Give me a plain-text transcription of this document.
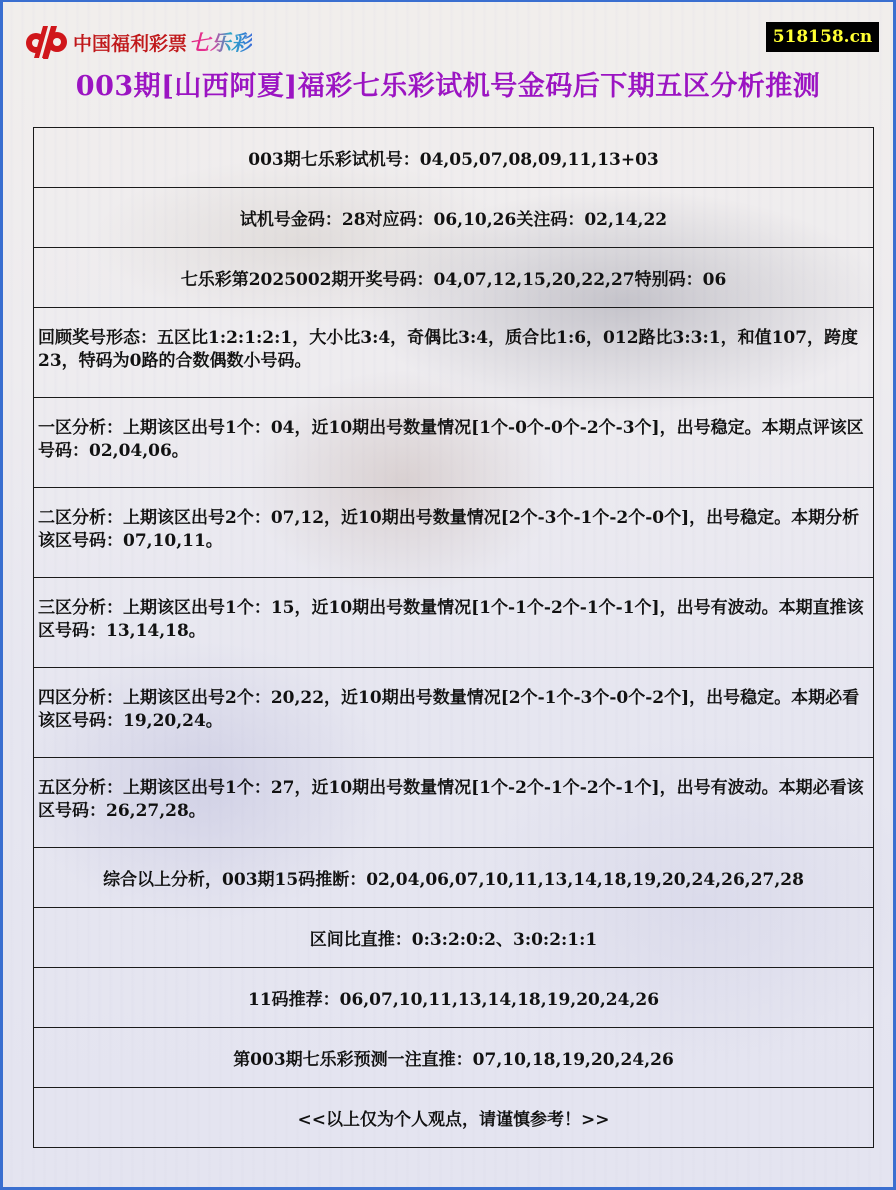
中国福利彩票 七乐彩	518158.cn
003期[山西阿夏]福彩七乐彩试机号金码后下期五区分析推测
003期七乐彩试机号：04,05,07,08,09,11,13+03
试机号金码：28对应码：06,10,26关注码：02,14,22
七乐彩第2025002期开奖号码：04,07,12,15,20,22,27特别码：06
回顾奖号形态：五区比1:2:1:2:1，大小比3:4，奇偶比3:4，质合比1:6，012路比3:3:1，和值107，跨度23，特码为0路的合数偶数小号码。
一区分析：上期该区出号1个：04，近10期出号数量情况[1个-0个-0个-2个-3个]，出号稳定。本期点评该区号码：02,04,06。
二区分析：上期该区出号2个：07,12，近10期出号数量情况[2个-3个-1个-2个-0个]，出号稳定。本期分析该区号码：07,10,11。
三区分析：上期该区出号1个：15，近10期出号数量情况[1个-1个-2个-1个-1个]，出号有波动。本期直推该区号码：13,14,18。
四区分析：上期该区出号2个：20,22，近10期出号数量情况[2个-1个-3个-0个-2个]，出号稳定。本期必看该区号码：19,20,24。
五区分析：上期该区出号1个：27，近10期出号数量情况[1个-2个-1个-2个-1个]，出号有波动。本期必看该区号码：26,27,28。
综合以上分析，003期15码推断：02,04,06,07,10,11,13,14,18,19,20,24,26,27,28
区间比直推：0:3:2:0:2、3:0:2:1:1
11码推荐：06,07,10,11,13,14,18,19,20,24,26
第003期七乐彩预测一注直推：07,10,18,19,20,24,26
<<以上仅为个人观点，请谨慎参考！>>
